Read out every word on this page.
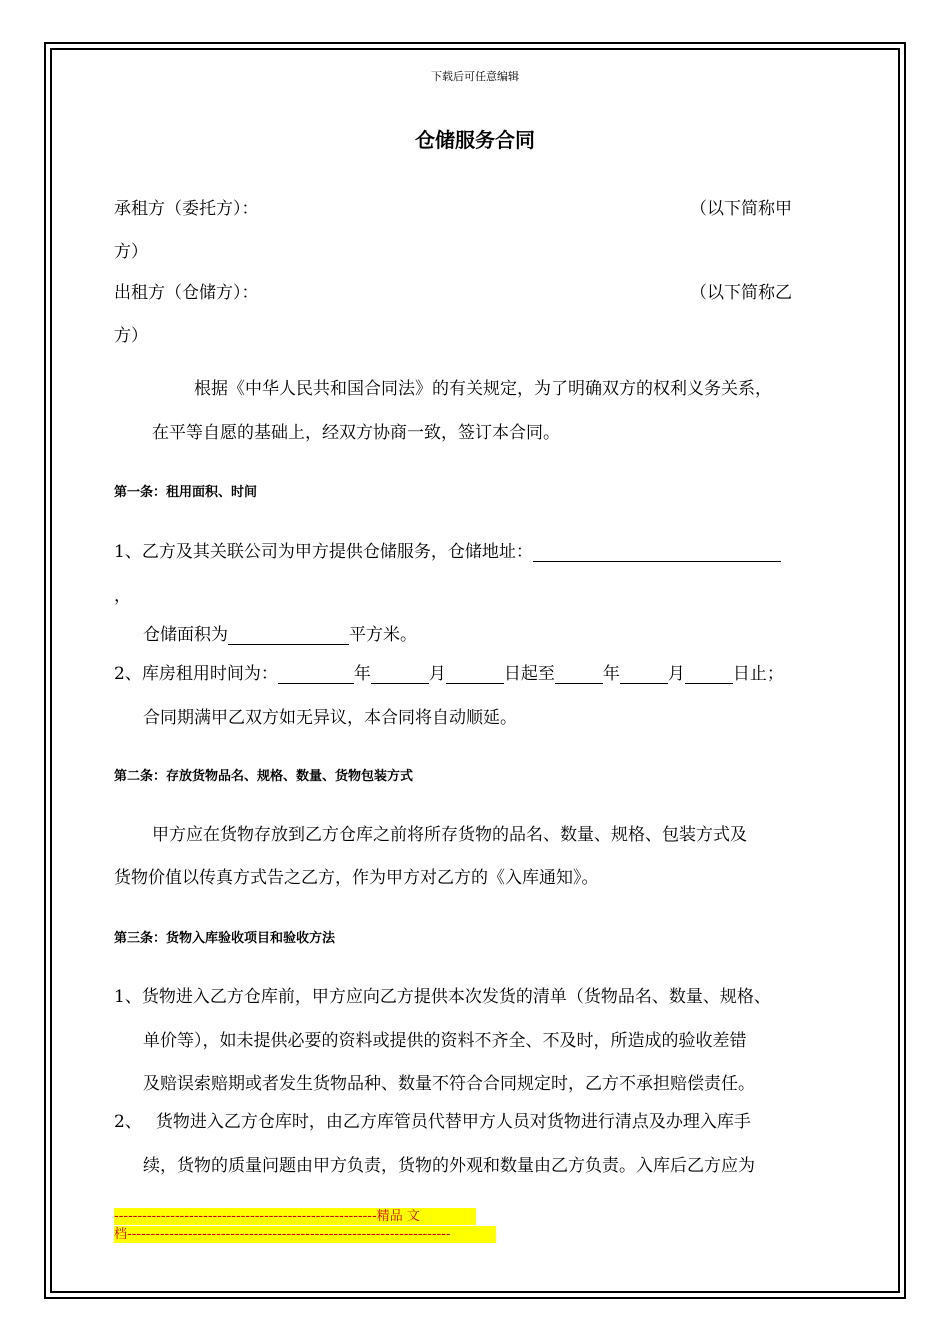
下载后可任意编辑
仓储服务合同
承租方（委托方）：	（以下简称甲
方）
出租方（仓储方）：	（以下简称乙
方）
根据《中华人民共和国合同法》的有关规定，为了明确双方的权利义务关系，
在平等自愿的基础上，经双方协商一致，签订本合同。
第一条：租用面积、时间
1、乙方及其关联公司为甲方提供仓储服务，仓储地址：
，
仓储面积为	平方米。
2、库房租用时间为：	年	月	日起至	年	月	日止；
合同期满甲乙双方如无异议，本合同将自动顺延。
第二条：存放货物品名、规格、数量、货物包装方式
甲方应在货物存放到乙方仓库之前将所存货物的品名、数量、规格、包装方式及
货物价值以传真方式告之乙方，作为甲方对乙方的《入库通知》。
第三条：货物入库验收项目和验收方法
1、货物进入乙方仓库前，甲方应向乙方提供本次发货的清单（货物品名、数量、规格、
单价等），如未提供必要的资料或提供的资料不齐全、不及时，所造成的验收差错
及赔误索赔期或者发生货物品种、数量不符合合同规定时，乙方不承担赔偿责任。
2、 货物进入乙方仓库时，由乙方库管员代替甲方人员对货物进行清点及办理入库手
续，货物的质量问题由甲方负责，货物的外观和数量由乙方负责。入库后乙方应为
--------------------------------------------------------精品 文
档---------------------------------------------------------------------
